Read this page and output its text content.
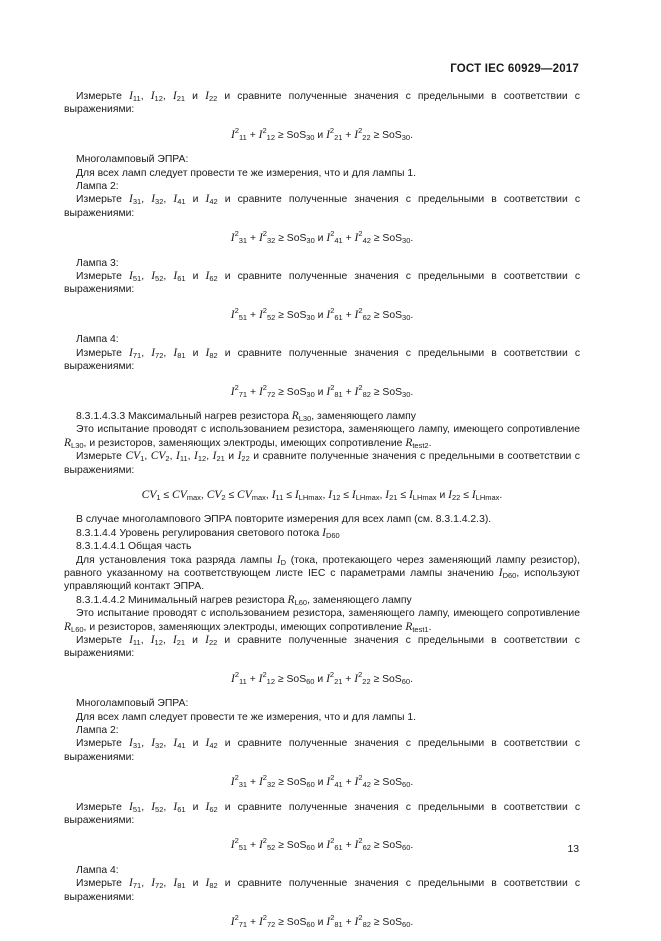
ГОСТ IEC 60929—2017
Измерьте $I_{11}$, $I_{12}$, $I_{21}$ и $I_{22}$ и сравните полученные значения с предельными в соответствии с выражениями:
$I^2_{11} + I^2_{12} \ge SoS_{30}$ и $I^2_{21} + I^2_{22} \ge SoS_{30}$.
Многоламповый ЭПРА:
Для всех ламп следует провести те же измерения, что и для лампы 1.
Лампа 2:
Измерьте $I_{31}$, $I_{32}$, $I_{41}$ и $I_{42}$ и сравните полученные значения с предельными в соответствии с выражениями:
$I^2_{31} + I^2_{32} \ge SoS_{30}$ и $I^2_{41} + I^2_{42} \ge SoS_{30}$.
Лампа 3:
Измерьте $I_{51}$, $I_{52}$, $I_{61}$ и $I_{62}$ и сравните полученные значения с предельными в соответствии с выражениями:
$I^2_{51} + I^2_{52} \ge SoS_{30}$ и $I^2_{61} + I^2_{62} \ge SoS_{30}$.
Лампа 4:
Измерьте $I_{71}$, $I_{72}$, $I_{81}$ и $I_{82}$ и сравните полученные значения с предельными в соответствии с выражениями:
$I^2_{71} + I^2_{72} \ge SoS_{30}$ и $I^2_{81} + I^2_{82} \ge SoS_{30}$.
8.3.1.4.3.3 Максимальный нагрев резистора $R_{L30}$, заменяющего лампу
Это испытание проводят с использованием резистора, заменяющего лампу, имеющего сопротивление $R_{L30}$, и резисторов, заменяющих электроды, имеющих сопротивление $R_{test2}$.
Измерьте $CV_1$, $CV_2$, $I_{11}$, $I_{12}$, $I_{21}$ и $I_{22}$ и сравните полученные значения с предельными в соответствии с выражениями:
$CV_1 \le CV_{max}$, $CV_2 \le CV_{max}$, $I_{11} \le I_{LHmax}$, $I_{12} \le I_{LHmax}$, $I_{21} \le I_{LHmax}$ и $I_{22} \le I_{LHmax}$.
В случае многолампового ЭПРА повторите измерения для всех ламп (см. 8.3.1.4.2.3).
8.3.1.4.4 Уровень регулирования светового потока $I_{D60}$
8.3.1.4.4.1 Общая часть
Для установления тока разряда лампы $I_D$ (тока, протекающего через заменяющий лампу резистор), равного указанному на соответствующем листе IEC с параметрами лампы значению $I_{D60}$, используют управляющий контакт ЭПРА.
8.3.1.4.4.2 Минимальный нагрев резистора $R_{L60}$, заменяющего лампу
Это испытание проводят с использованием резистора, заменяющего лампу, имеющего сопротивление $R_{L60}$, и резисторов, заменяющих электроды, имеющих сопротивление $R_{test1}$.
Измерьте $I_{11}$, $I_{12}$, $I_{21}$ и $I_{22}$ и сравните полученные значения с предельными в соответствии с выражениями:
$I^2_{11} + I^2_{12} \ge SoS_{60}$ и $I^2_{21} + I^2_{22} \ge SoS_{60}$.
Многоламповый ЭПРА:
Для всех ламп следует провести те же измерения, что и для лампы 1.
Лампа 2:
Измерьте $I_{31}$, $I_{32}$, $I_{41}$ и $I_{42}$ и сравните полученные значения с предельными в соответствии с выражениями:
$I^2_{31} + I^2_{32} \ge SoS_{60}$ и $I^2_{41} + I^2_{42} \ge SoS_{60}$.
Измерьте $I_{51}$, $I_{52}$, $I_{61}$ и $I_{62}$ и сравните полученные значения с предельными в соответствии с выражениями:
$I^2_{51} + I^2_{52} \ge SoS_{60}$ и $I^2_{61} + I^2_{62} \ge SoS_{60}$.
Лампа 4:
Измерьте $I_{71}$, $I_{72}$, $I_{81}$ и $I_{82}$ и сравните полученные значения с предельными в соответствии с выражениями:
$I^2_{71} + I^2_{72} \ge SoS_{60}$ и $I^2_{81} + I^2_{82} \ge SoS_{60}$.
13
